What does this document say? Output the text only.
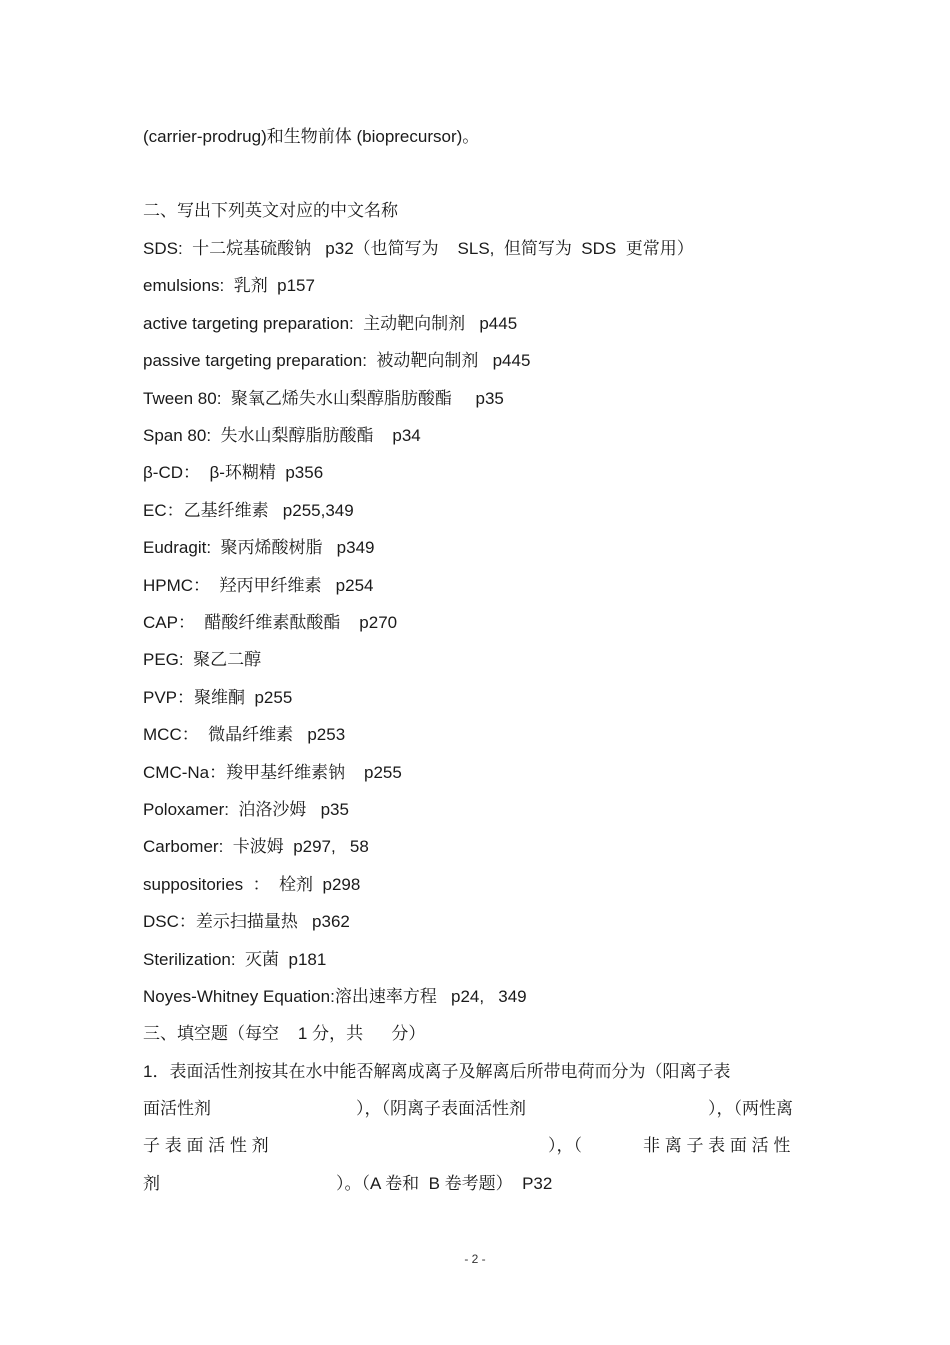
(carrier-prodrug)和生物前体 (bioprecursor)。
二、写出下列英文对应的中文名称
SDS:  十二烷基硫酸钠   p32（也简写为    SLS,  但简写为  SDS  更常用）
emulsions:  乳剂  p157
active targeting preparation:  主动靶向制剂   p445
passive targeting preparation:  被动靶向制剂   p445
Tween 80:  聚氧乙烯失水山梨醇脂肪酸酯     p35
Span 80:  失水山梨醇脂肪酸酯    p34
β-CD：  β-环糊精  p356
EC：乙基纤维素   p255,349
Eudragit:  聚丙烯酸树脂   p349
HPMC：  羟丙甲纤维素   p254
CAP：  醋酸纤维素酞酸酯    p270
PEG:  聚乙二醇
PVP：聚维酮  p255
MCC：  微晶纤维素   p253
CMC-Na：羧甲基纤维素钠    p255
Poloxamer:  泊洛沙姆   p35
Carbomer:  卡波姆  p297,   58
suppositories  ：  栓剂  p298
DSC：差示扫描量热   p362
Sterilization:  灭菌  p181
Noyes-Whitney Equation:溶出速率方程   p24,   349
三、填空题（每空    1 分，共      分）
1．表面活性剂按其在水中能否解离成离子及解离后所带电荷而分为（阳离子表
面活性剂	），（阴离子表面活性剂	），（两性离
子 表 面 活 性 剂	），（	非 离 子 表 面 活 性
剂	）。（A 卷和  B 卷考题）  P32
- 2 -
